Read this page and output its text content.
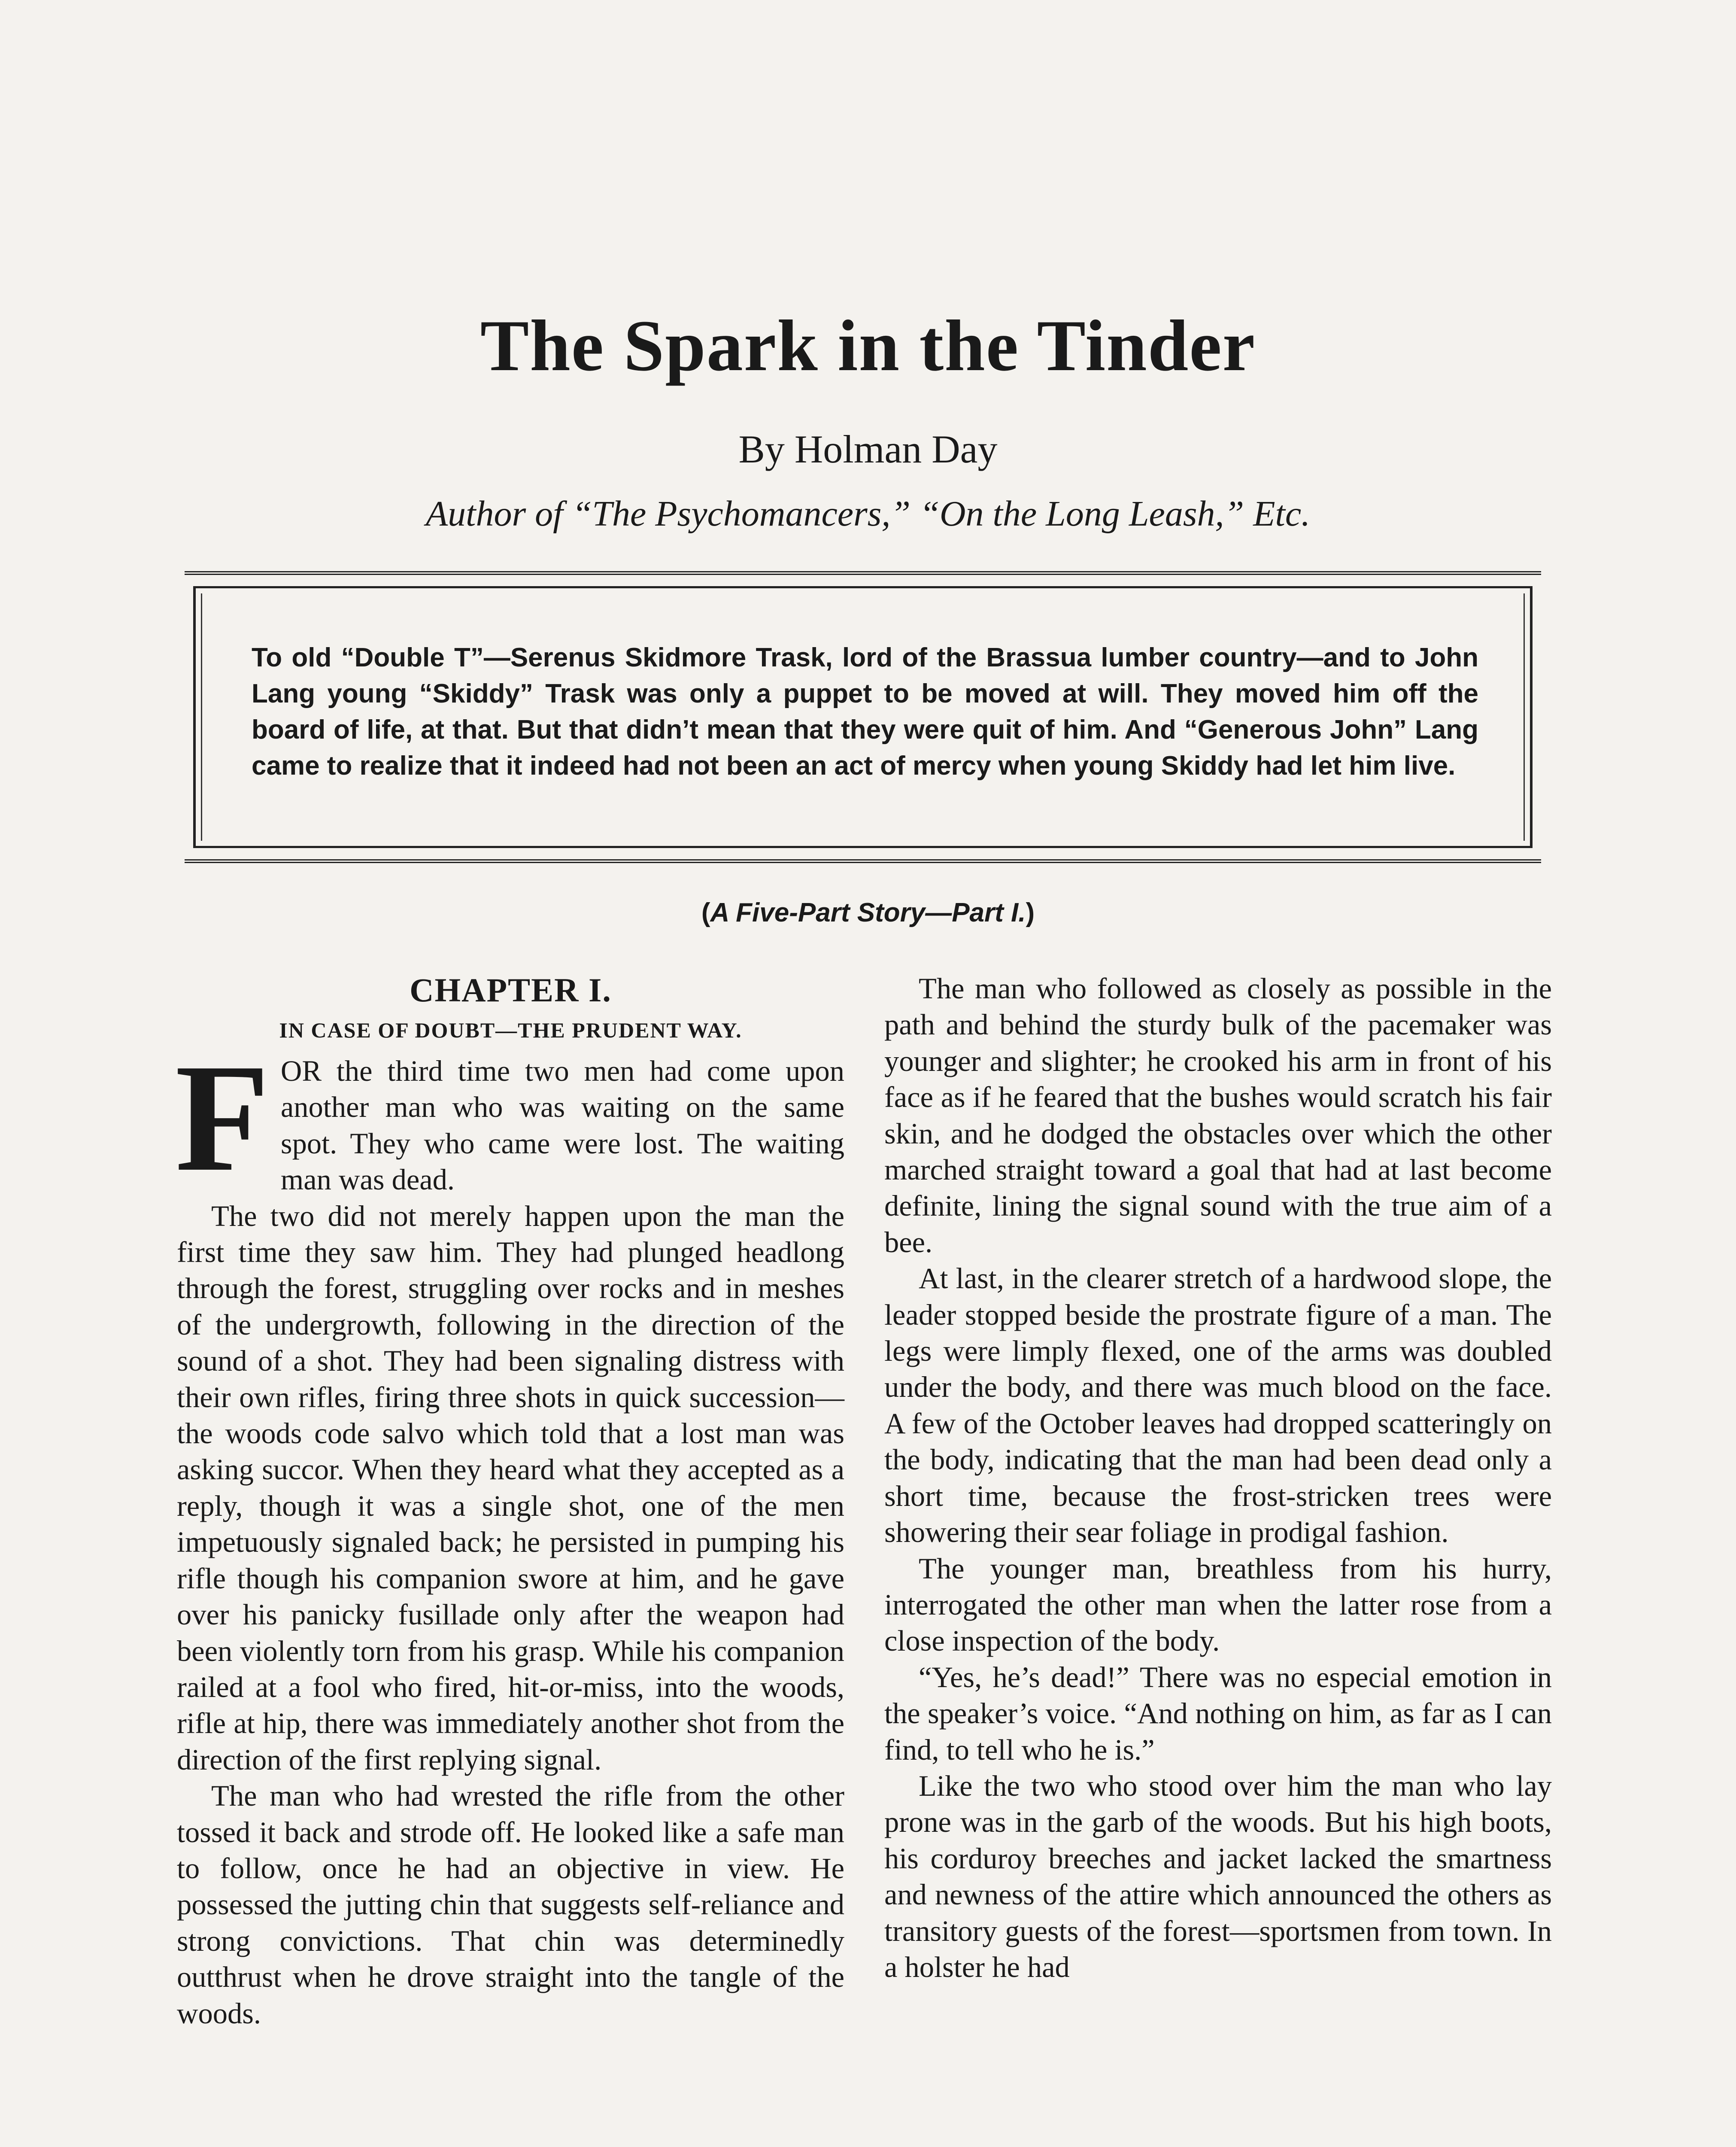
The Spark in the Tinder

By Holman Day

Author of “The Psychomancers,” “On the Long Leash,” Etc.

To old “Double T”—Serenus Skidmore Trask, lord of the Brassua lumber country—and to John Lang young “Skiddy” Trask was only a puppet to be moved at will. They moved him off the board of life, at that. But that didn’t mean that they were quit of him. And “Generous John” Lang came to realize that it indeed had not been an act of mercy when young Skiddy had let him live.

(A Five-Part Story—Part I.)

CHAPTER I.
IN CASE OF DOUBT—THE PRUDENT WAY.

FOR the third time two men had come upon another man who was waiting on the same spot. They who came were lost. The waiting man was dead.

The two did not merely happen upon the man the first time they saw him. They had plunged headlong through the forest, struggling over rocks and in meshes of the undergrowth, following in the direction of the sound of a shot. They had been signaling distress with their own rifles, firing three shots in quick succession—the woods code salvo which told that a lost man was asking succor. When they heard what they accepted as a reply, though it was a single shot, one of the men impetuously signaled back; he persisted in pumping his rifle though his companion swore at him, and he gave over his panicky fusillade only after the weapon had been violently torn from his grasp. While his companion railed at a fool who fired, hit-or-miss, into the woods, rifle at hip, there was immediately another shot from the direction of the first replying signal.

The man who had wrested the rifle from the other tossed it back and strode off. He looked like a safe man to follow, once he had an objective in view. He possessed the jutting chin that suggests self-reliance and strong convictions. That chin was determinedly outthrust when he drove straight into the tangle of the woods.

The man who followed as closely as possible in the path and behind the sturdy bulk of the pacemaker was younger and slighter; he crooked his arm in front of his face as if he feared that the bushes would scratch his fair skin, and he dodged the obstacles over which the other marched straight toward a goal that had at last become definite, lining the signal sound with the true aim of a bee.

At last, in the clearer stretch of a hardwood slope, the leader stopped beside the prostrate figure of a man. The legs were limply flexed, one of the arms was doubled under the body, and there was much blood on the face. A few of the October leaves had dropped scatteringly on the body, indicating that the man had been dead only a short time, because the frost-stricken trees were showering their sear foliage in prodigal fashion.

The younger man, breathless from his hurry, interrogated the other man when the latter rose from a close inspection of the body.

“Yes, he’s dead!” There was no especial emotion in the speaker’s voice. “And nothing on him, as far as I can find, to tell who he is.”

Like the two who stood over him the man who lay prone was in the garb of the woods. But his high boots, his corduroy breeches and jacket lacked the smartness and newness of the attire which announced the others as transitory guests of the forest—sportsmen from town. In a holster he had
